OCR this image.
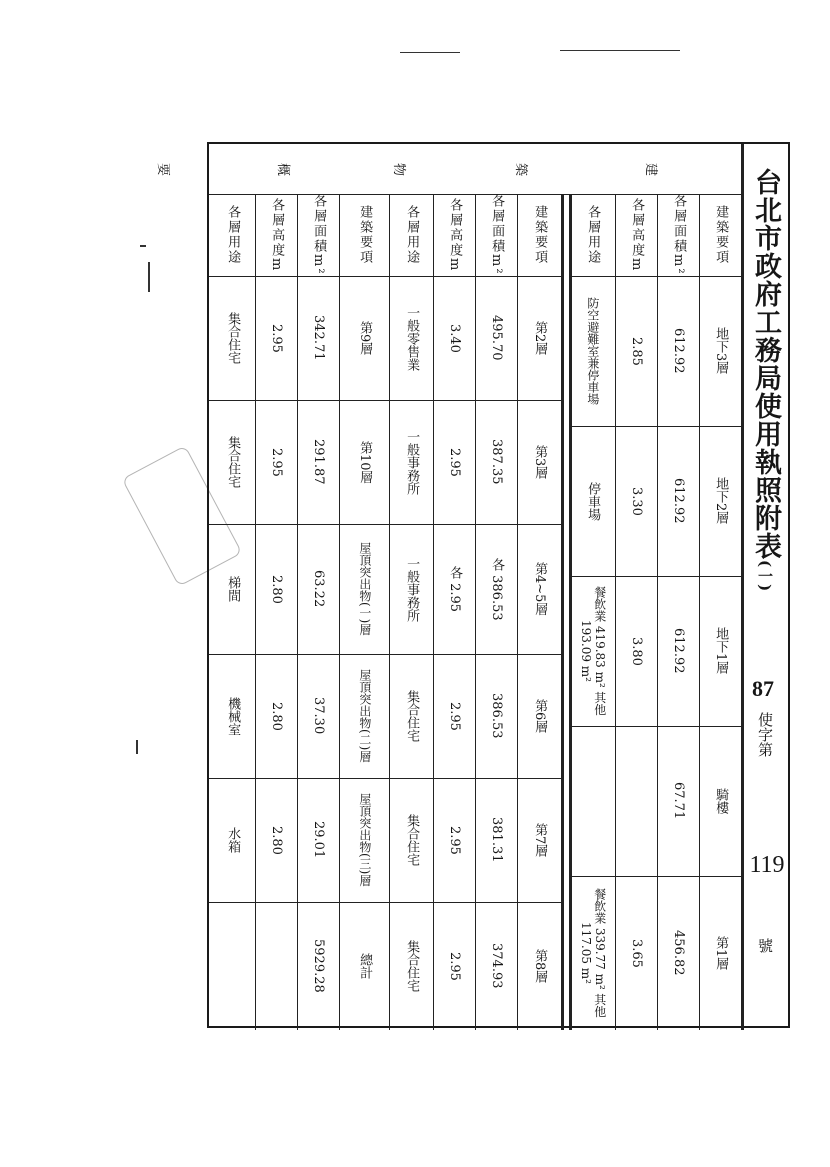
建築要項
地下3層
地下2層
地下1層
騎樓
第1層
各層面積m²
612.92
612.92
612.92
67.71
456.82
各層高度m
2.85
3.30
3.80
3.65
各層用途
防空避難室兼停車場
停車場
餐飲業 419.83 m² 其他 193.09 m²
餐飲業 339.77 m² 其他 117.05 m²
建築要項
第2層
第3層
第4~5層
第6層
第7層
第8層
各層面積m²
495.70
387.35
各 386.53
386.53
381.31
374.93
各層高度m
3.40
2.95
各 2.95
2.95
2.95
2.95
各層用途
一般零售業
一般事務所
一般事務所
集合住宅
集合住宅
集合住宅
建築要項
第9層
第10層
屋頂突出物(一)層
屋頂突出物(二)層
屋頂突出物(三)層
總計
各層面積m²
342.71
291.87
63.22
37.30
29.01
5929.28
各層高度m
2.95
2.95
2.80
2.80
2.80
各層用途
集合住宅
集合住宅
梯間
機械室
水箱
台北市政府工務局使用執照附表(一)
87
使字第
119
號
建
築
物
概
要
